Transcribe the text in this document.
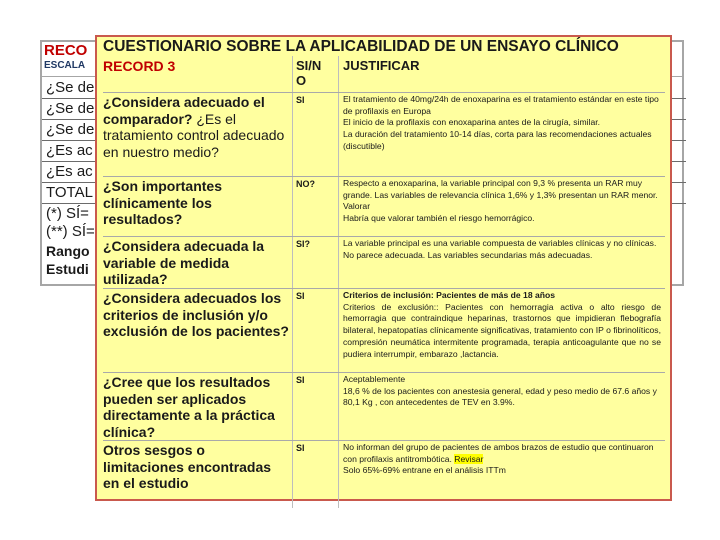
RECO
ESCALA
¿Se de
¿Se de
¿Se de
¿Es ac
¿Es ac
TOTAL
(*) SÍ=
(**) SÍ=
Rango
Estudi
CUESTIONARIO SOBRE LA APLICABILIDAD DE UN ENSAYO CLÍNICO
RECORD 3	SI/N O
JUSTIFICAR
¿Considera adecuado el comparador? ¿Es el tratamiento control adecuado en nuestro medio?
SI	El tratamiento de 40mg/24h de enoxaparina es el tratamiento estándar en este tipo de profilaxis en Europa

El inicio de la profilaxis con enoxaparina antes de la cirugía, similar.

La duración del tratamiento 10-14 días, corta para las recomendaciones actuales (discutible)

¿Son importantes clínicamente los resultados?
NO?	Respecto a enoxaparina, la variable principal con 9,3 % presenta un RAR muy grande. Las variables de relevancia clínica 1,6% y 1,3% presentan un RAR menor.

Valorar

Habría que valorar también el riesgo hemorrágico.

¿Considera adecuada la variable de medida utilizada?
SI?	La variable principal es una variable compuesta de variables clínicas y no clínicas. No parece adecuada. Las variables secundarias más adecuadas.

¿Considera adecuados los criterios de inclusión y/o exclusión de los pacientes?
SI	Criterios de inclusión: Pacientes de más de 18 años

Criterios de exclusión:: Pacientes con hemorragia activa o alto riesgo de hemorragia que contraindique heparinas, trastornos que impidieran flebografía bilateral, hepatopatías clínicamente significativas, tratamiento con IP o fibrinolíticos, compresión neumática intermitente programada, terapia anticoagulante que no se pudiera interrumpir, embarazo ,lactancia.

¿Cree que los resultados pueden ser aplicados directamente a la práctica clínica?
SI	Aceptablemente

18,6 % de los pacientes con anestesia general, edad y peso medio de 67.6 años y 80,1 Kg , con antecedentes de TEV en 3.9%.

Otros sesgos o limitaciones encontradas en el estudio
SI	No informan del grupo de pacientes de ambos brazos de estudio que continuaron con profilaxis antitrombótica. Revisar

Solo 65%-69% entrane en el análisis ITTm
